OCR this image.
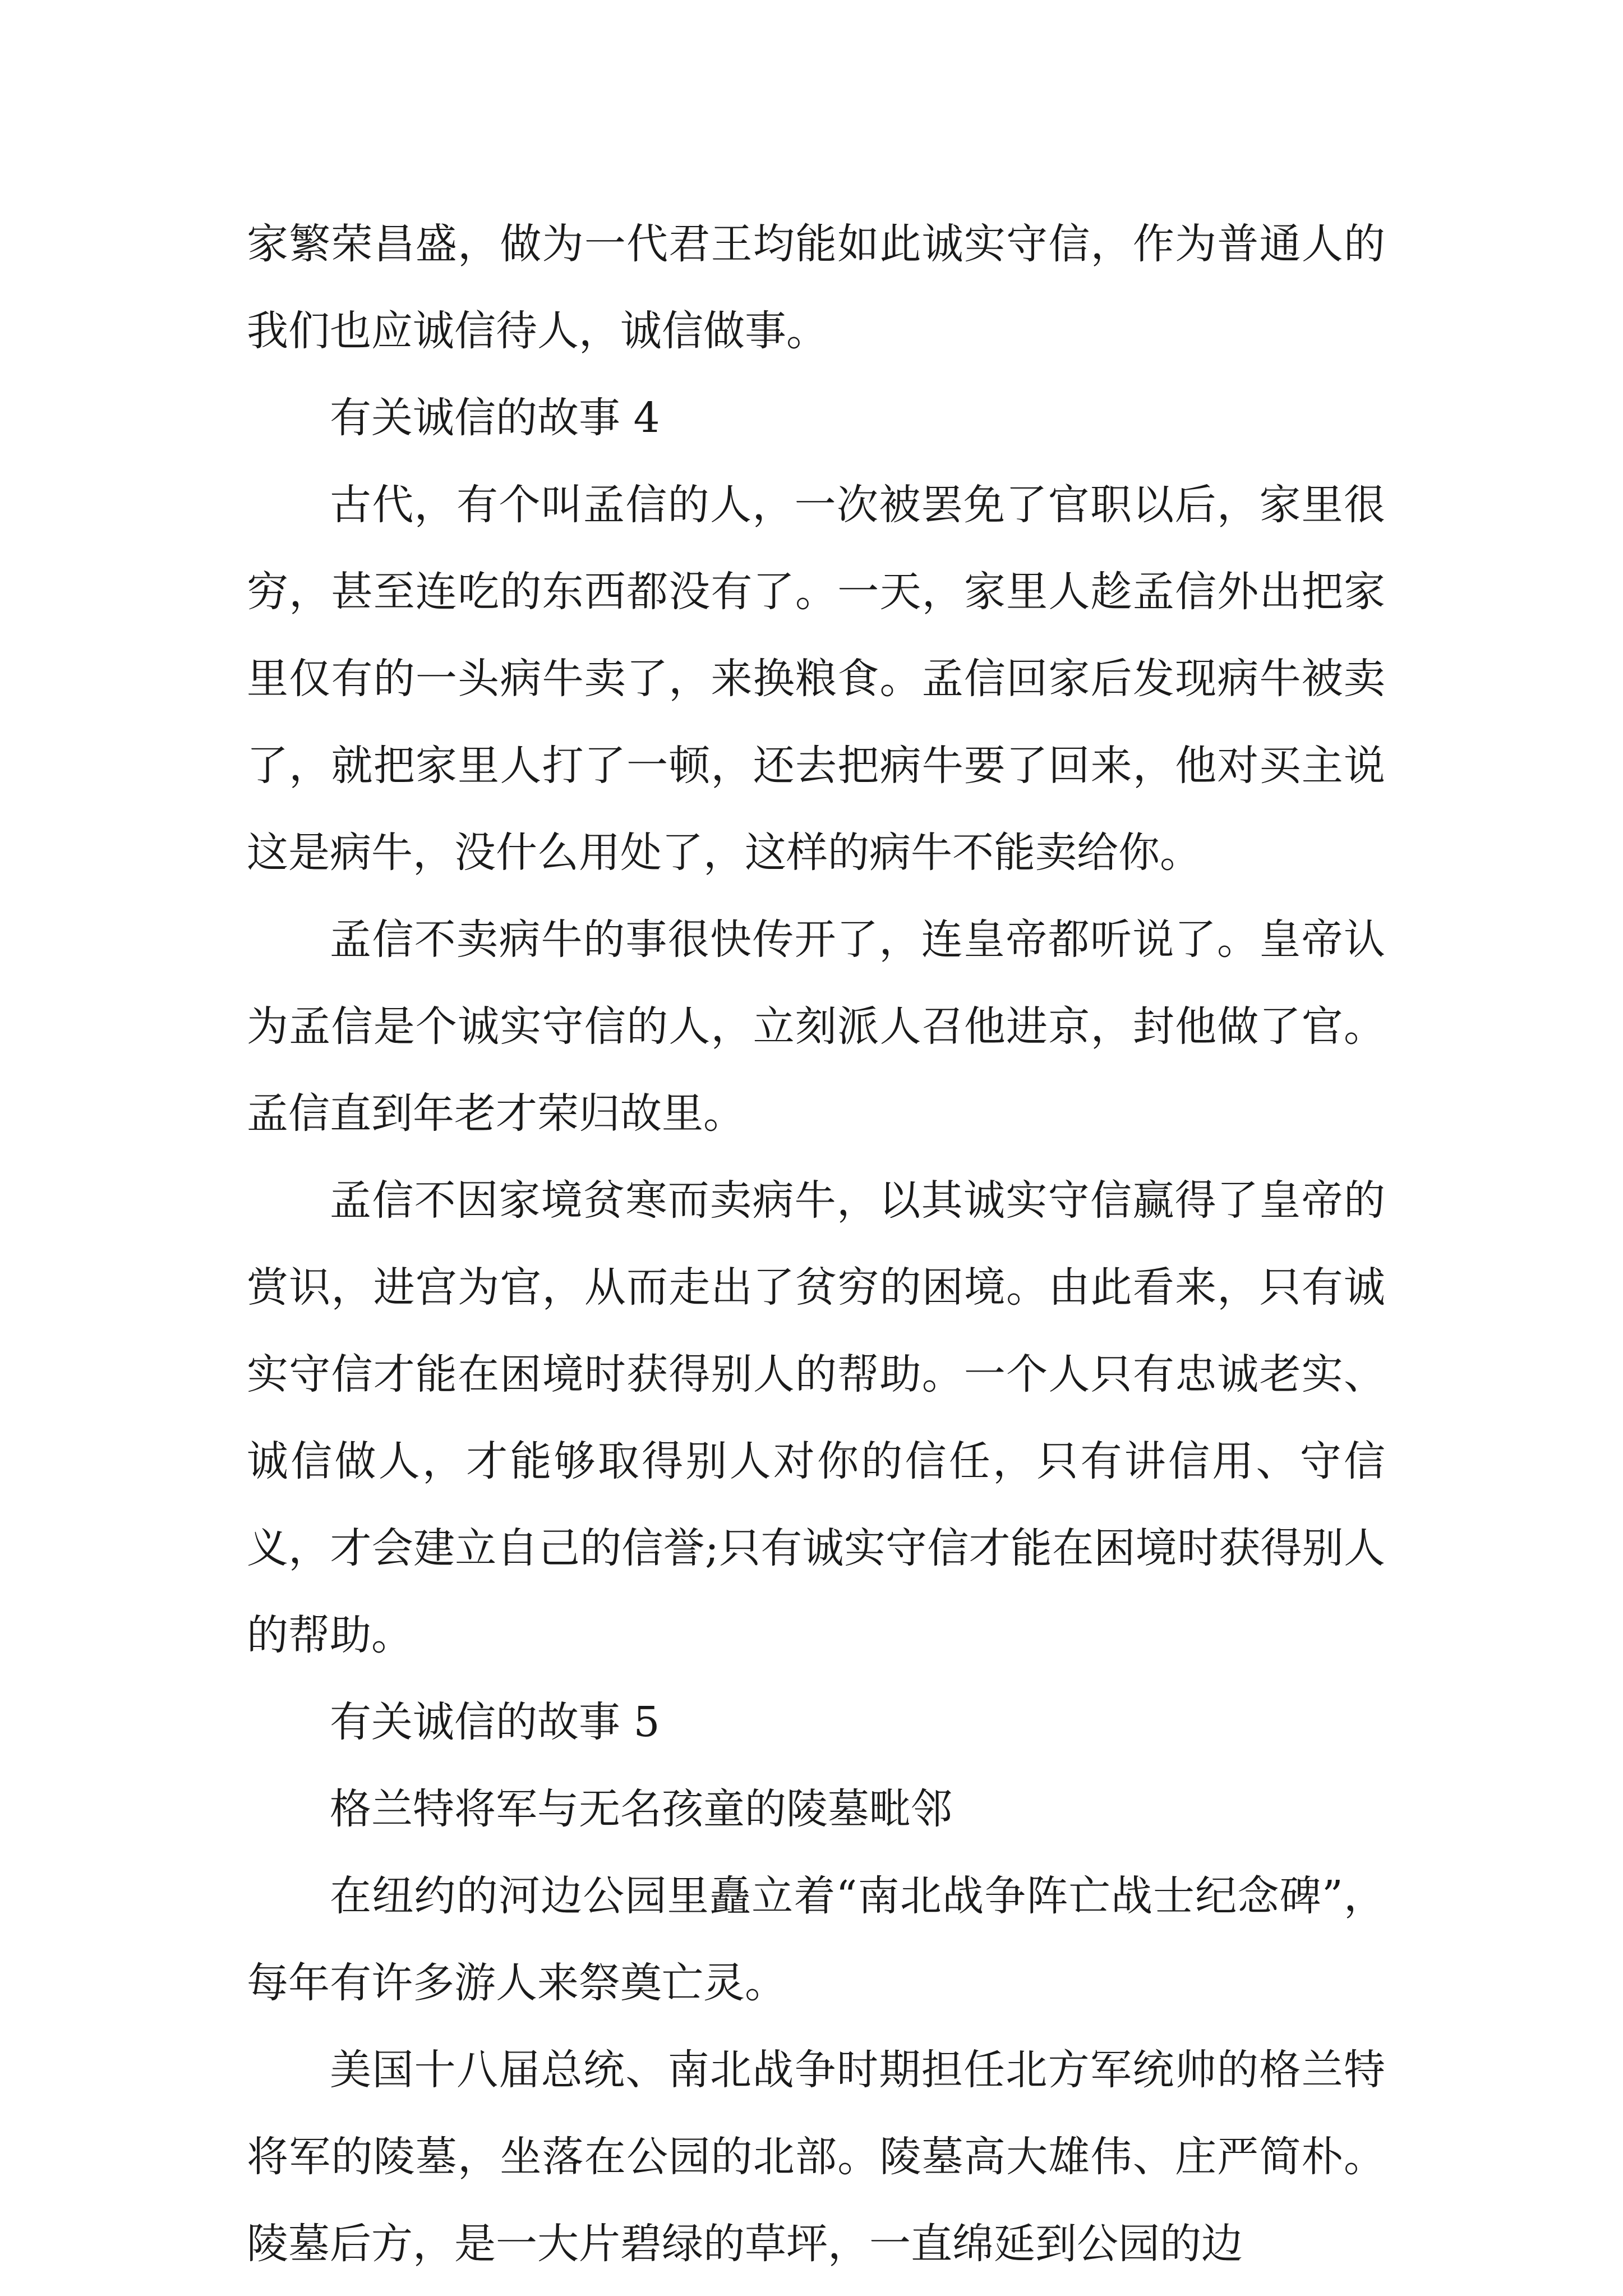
家繁荣昌盛，做为一代君王均能如此诚实守信，作为普通人的我们也应诚信待人，诚信做事。

有关诚信的故事 4

古代，有个叫孟信的人，一次被罢免了官职以后，家里很穷，甚至连吃的东西都没有了。一天，家里人趁孟信外出把家里仅有的一头病牛卖了，来换粮食。孟信回家后发现病牛被卖了，就把家里人打了一顿，还去把病牛要了回来，他对买主说这是病牛，没什么用处了，这样的病牛不能卖给你。

孟信不卖病牛的事很快传开了，连皇帝都听说了。皇帝认为孟信是个诚实守信的人，立刻派人召他进京，封他做了官。孟信直到年老才荣归故里。

孟信不因家境贫寒而卖病牛，以其诚实守信赢得了皇帝的赏识，进宫为官，从而走出了贫穷的困境。由此看来，只有诚实守信才能在困境时获得别人的帮助。一个人只有忠诚老实、诚信做人，才能够取得别人对你的信任，只有讲信用、守信义，才会建立自己的信誉;只有诚实守信才能在困境时获得别人的帮助。

有关诚信的故事 5

格兰特将军与无名孩童的陵墓毗邻

在纽约的河边公园里矗立着“南北战争阵亡战士纪念碑”，每年有许多游人来祭奠亡灵。

美国十八届总统、南北战争时期担任北方军统帅的格兰特将军的陵墓，坐落在公园的北部。陵墓高大雄伟、庄严简朴。陵墓后方，是一大片碧绿的草坪，一直绵延到公园的边
